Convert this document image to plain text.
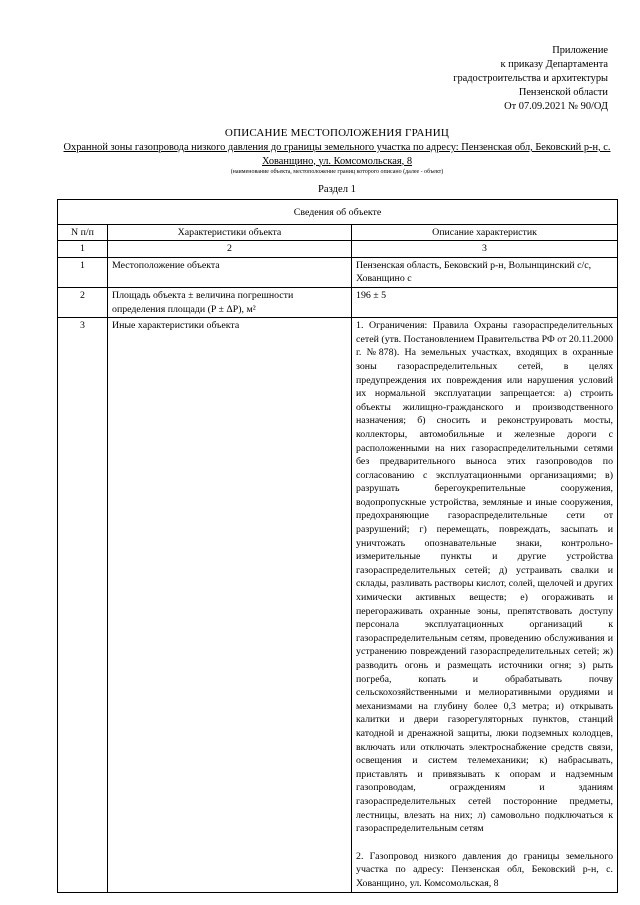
Приложение
к приказу Департамента
градостроительства и архитектуры
Пензенской области
От 07.09.2021 № 90/ОД
ОПИСАНИЕ МЕСТОПОЛОЖЕНИЯ ГРАНИЦ
Охранной зоны газопровода низкого давления до границы земельного участка по адресу: Пензенская обл, Бековский р-н, с. Хованщино, ул. Комсомольская, 8
(наименование объекта, местоположение границ которого описано (далее - объект)
Раздел 1
Сведения об объекте		
N п/п	Характеристики объекта	Описание характеристик
1	2	3
1	Местоположение объекта	Пензенская область, Бековский р-н, Волынщинский с/с, Хованщино с
2	Площадь объекта ± величина погрешности определения площади (P ± ΔP), м²	196 ± 5
3	Иные характеристики объекта	1. Ограничения: Правила Охраны газораспределительных сетей (утв. Постановлением Правительства РФ от 20.11.2000 г. №878). На земельных участках, входящих в охранные зоны газораспределительных сетей, в целях предупреждения их повреждения или нарушения условий их нормальной эксплуатации запрещается: а) строить объекты жилищно-гражданского и производственного назначения; б) сносить и реконструировать мосты, коллекторы, автомобильные и железные дороги с расположенными на них газораспределительными сетями без предварительного выноса этих газопроводов по согласованию с эксплуатационными организациями; в) разрушать берегоукрепительные сооружения, водопропускные устройства, земляные и иные сооружения, предохраняющие газораспределительные сети от разрушений; г) перемещать, повреждать, засыпать и уничтожать опознавательные знаки, контрольно-измерительные пункты и другие устройства газораспределительных сетей; д) устраивать свалки и склады, разливать растворы кислот, солей, щелочей и других химически активных веществ; е) огораживать и перегораживать охранные зоны, препятствовать доступу персонала эксплуатационных организаций к газораспределительным сетям, проведению обслуживания и устранению повреждений газораспределительных сетей; ж) разводить огонь и размещать источники огня; з) рыть погреба, копать и обрабатывать почву сельскохозяйственными и мелиоративными орудиями и механизмами на глубину более 0,3 метра; и) открывать калитки и двери газорегуляторных пунктов, станций катодной и дренажной защиты, люки подземных колодцев, включать или отключать электроснабжение средств связи, освещения и систем телемеханики; к) набрасывать, приставлять и привязывать к опорам и надземным газопроводам, ограждениям и зданиям газораспределительных сетей посторонние предметы, лестницы, влезать на них; л) самовольно подключаться к газораспределительным сетям

2. Газопровод низкого давления до границы земельного участка по адресу: Пензенская обл, Бековский р-н, с. Хованщино, ул. Комсомольская, 8
